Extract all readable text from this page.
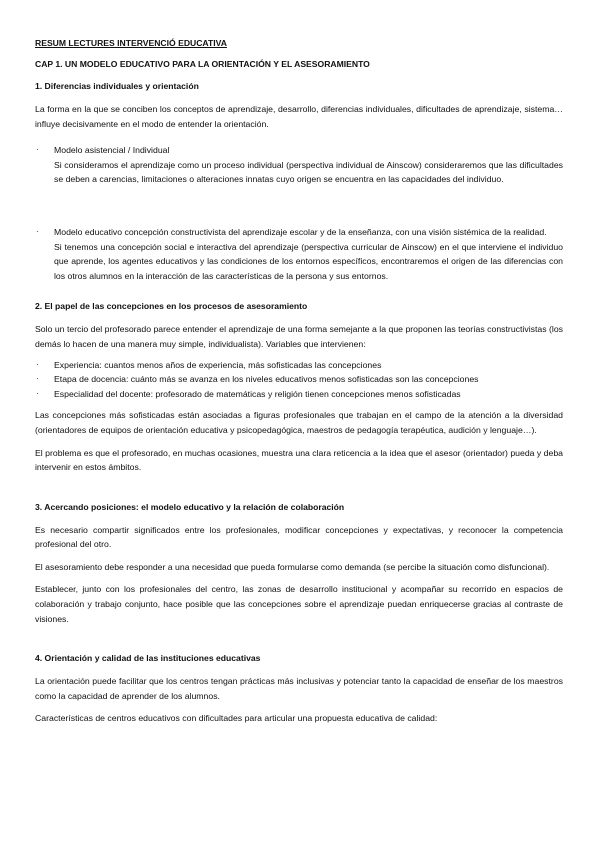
RESUM LECTURES INTERVENCIÓ EDUCATIVA

CAP 1. UN MODELO EDUCATIVO PARA LA ORIENTACIÓN Y EL ASESORAMIENTO

1. Diferencias individuales y orientación

La forma en la que se conciben los conceptos de aprendizaje, desarrollo, diferencias individuales, dificultades de aprendizaje, sistema… influye decisivamente en el modo de entender la orientación.

· Modelo asistencial / Individual

Si consideramos el aprendizaje como un proceso individual (perspectiva individual de Ainscow) consideraremos que las dificultades se deben a carencias, limitaciones o alteraciones innatas cuyo origen se encuentra en las capacidades del individuo.

· Modelo educativo concepción constructivista del aprendizaje escolar y de la enseñanza, con una visión sistémica de la realidad.

Si tenemos una concepción social e interactiva del aprendizaje (perspectiva curricular de Ainscow) en el que interviene el individuo que aprende, los agentes educativos y las condiciones de los entornos específicos, encontraremos el origen de las diferencias con los otros alumnos en la interacción de las características de la persona y sus entornos.

2. El papel de las concepciones en los procesos de asesoramiento

Solo un tercio del profesorado parece entender el aprendizaje de una forma semejante a la que proponen las teorías constructivistas (los demás lo hacen de una manera muy simple, individualista). Variables que intervienen:

· Experiencia: cuantos menos años de experiencia, más sofisticadas las concepciones
· Etapa de docencia: cuánto más se avanza en los niveles educativos menos sofisticadas son las concepciones
· Especialidad del docente: profesorado de matemáticas y religión tienen concepciones menos sofisticadas

Las concepciones más sofisticadas están asociadas a figuras profesionales que trabajan en el campo de la atención a la diversidad (orientadores de equipos de orientación educativa y psicopedagógica, maestros de pedagogía terapéutica, audición y lenguaje…).

El problema es que el profesorado, en muchas ocasiones, muestra una clara reticencia a la idea que el asesor (orientador) pueda y deba intervenir en estos ámbitos.

3. Acercando posiciones: el modelo educativo y la relación de colaboración

Es necesario compartir significados entre los profesionales, modificar concepciones y expectativas, y reconocer la competencia profesional del otro.

El asesoramiento debe responder a una necesidad que pueda formularse como demanda (se percibe la situación como disfuncional).

Establecer, junto con los profesionales del centro, las zonas de desarrollo institucional y acompañar su recorrido en espacios de colaboración y trabajo conjunto, hace posible que las concepciones sobre el aprendizaje puedan enriquecerse gracias al contraste de visiones.

4. Orientación y calidad de las instituciones educativas

La orientación puede facilitar que los centros tengan prácticas más inclusivas y potenciar tanto la capacidad de enseñar de los maestros como la capacidad de aprender de los alumnos.

Características de centros educativos con dificultades para articular una propuesta educativa de calidad:
